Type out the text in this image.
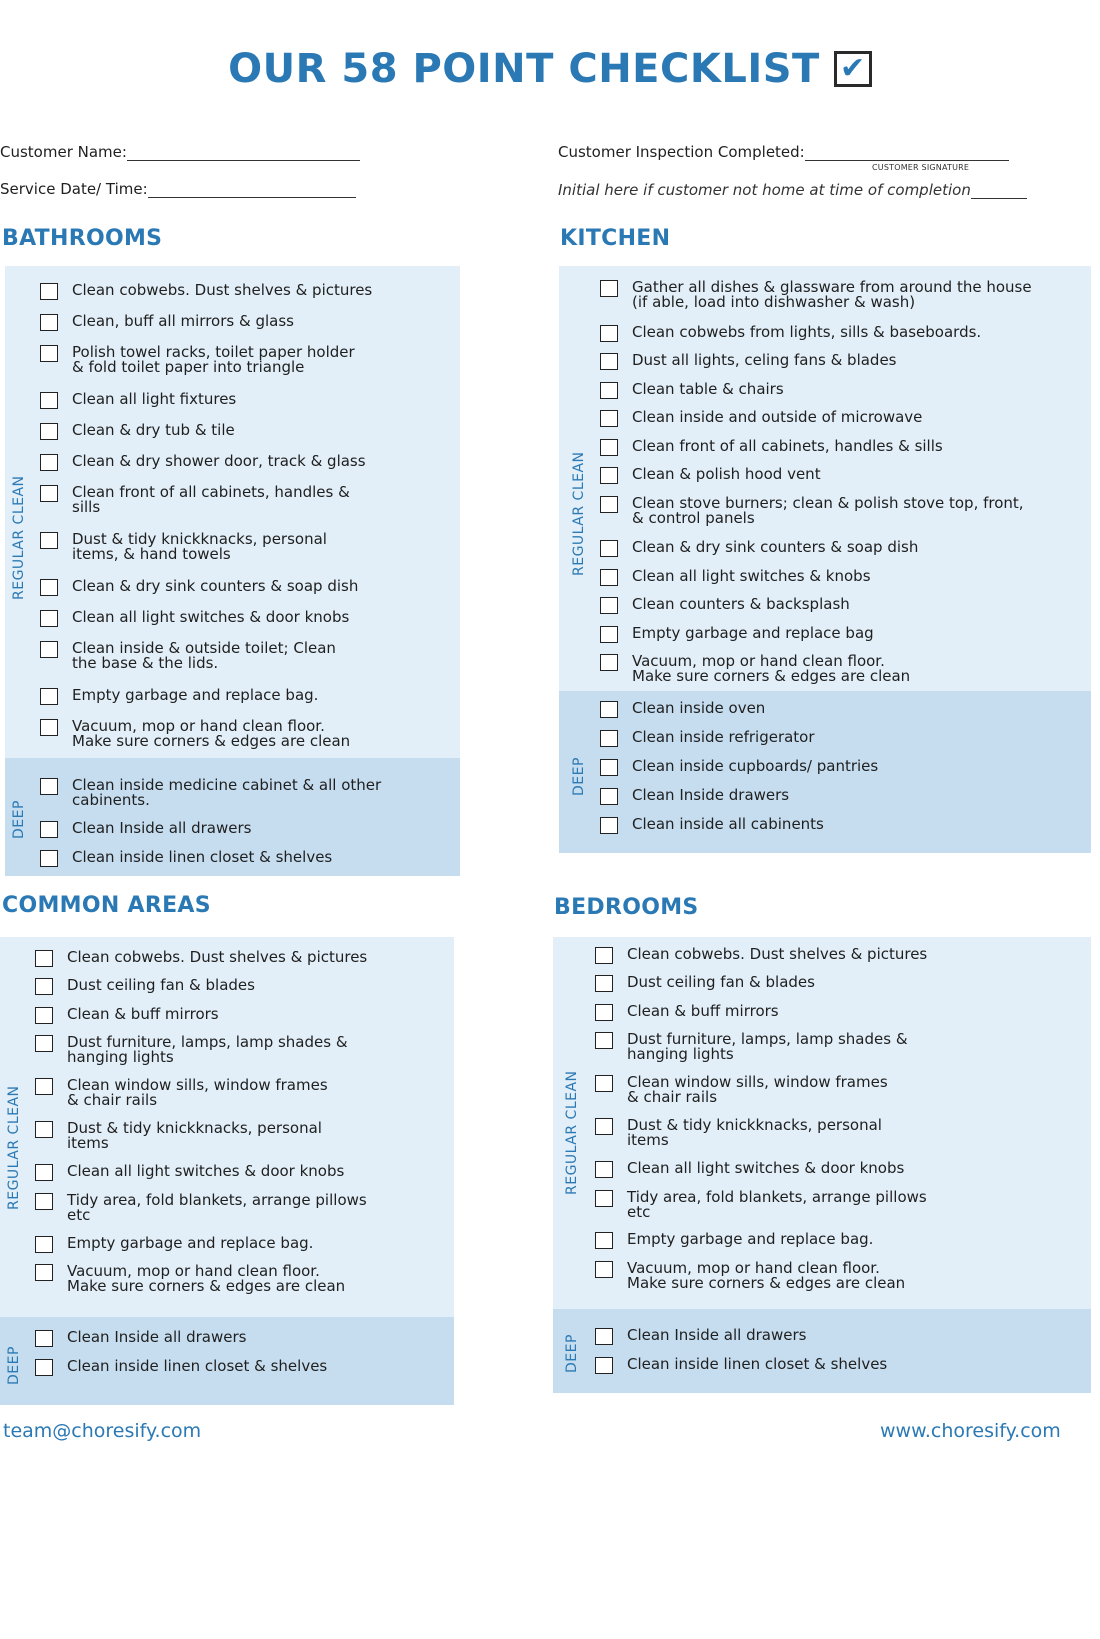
OUR 58 POINT CHECKLIST ✔
Customer Name:
Service Date/ Time:
Customer Inspection Completed:
CUSTOMER SIGNATURE
Initial here if customer not home at time of completion
BATHROOMS	KITCHEN
COMMON AREAS	BEDROOMS
REGULAR CLEAN
DEEP
Clean cobwebs. Dust shelves & pictures
Clean, buff all mirrors & glass
Polish towel racks, toilet paper holder
& fold toilet paper into triangle
Clean all light fixtures
Clean & dry tub & tile
Clean & dry shower door, track & glass
Clean front of all cabinets, handles &
sills
Dust & tidy knickknacks, personal
items, & hand towels
Clean & dry sink counters & soap dish
Clean all light switches & door knobs
Clean inside & outside toilet; Clean
the base & the lids.
Empty garbage and replace bag.
Vacuum, mop or hand clean floor.
Make sure corners & edges are clean
Clean inside medicine cabinet & all other
cabinents.
Clean Inside all drawers
Clean inside linen closet & shelves
REGULAR CLEAN
DEEP
Gather all dishes & glassware from around the house
(if able, load into dishwasher & wash)
Clean cobwebs from lights, sills & baseboards.
Dust all lights, celing fans & blades
Clean table & chairs
Clean inside and outside of microwave
Clean front of all cabinets, handles & sills
Clean & polish hood vent
Clean stove burners; clean & polish stove top, front,
& control panels
Clean & dry sink counters & soap dish
Clean all light switches & knobs
Clean counters & backsplash
Empty garbage and replace bag
Vacuum, mop or hand clean floor.
Make sure corners & edges are clean
Clean inside oven
Clean inside refrigerator
Clean inside cupboards/ pantries
Clean Inside drawers
Clean inside all cabinents
REGULAR CLEAN
DEEP
Clean cobwebs. Dust shelves & pictures
Dust ceiling fan & blades
Clean & buff mirrors
Dust furniture, lamps, lamp shades &
hanging lights
Clean window sills, window frames
& chair rails
Dust & tidy knickknacks, personal
items
Clean all light switches & door knobs
Tidy area, fold blankets, arrange pillows
etc
Empty garbage and replace bag.
Vacuum, mop or hand clean floor.
Make sure corners & edges are clean
Clean Inside all drawers
Clean inside linen closet & shelves
REGULAR CLEAN
DEEP
Clean cobwebs. Dust shelves & pictures
Dust ceiling fan & blades
Clean & buff mirrors
Dust furniture, lamps, lamp shades &
hanging lights
Clean window sills, window frames
& chair rails
Dust & tidy knickknacks, personal
items
Clean all light switches & door knobs
Tidy area, fold blankets, arrange pillows
etc
Empty garbage and replace bag.
Vacuum, mop or hand clean floor.
Make sure corners & edges are clean
Clean Inside all drawers
Clean inside linen closet & shelves
team@choresify.com	www.choresify.com
